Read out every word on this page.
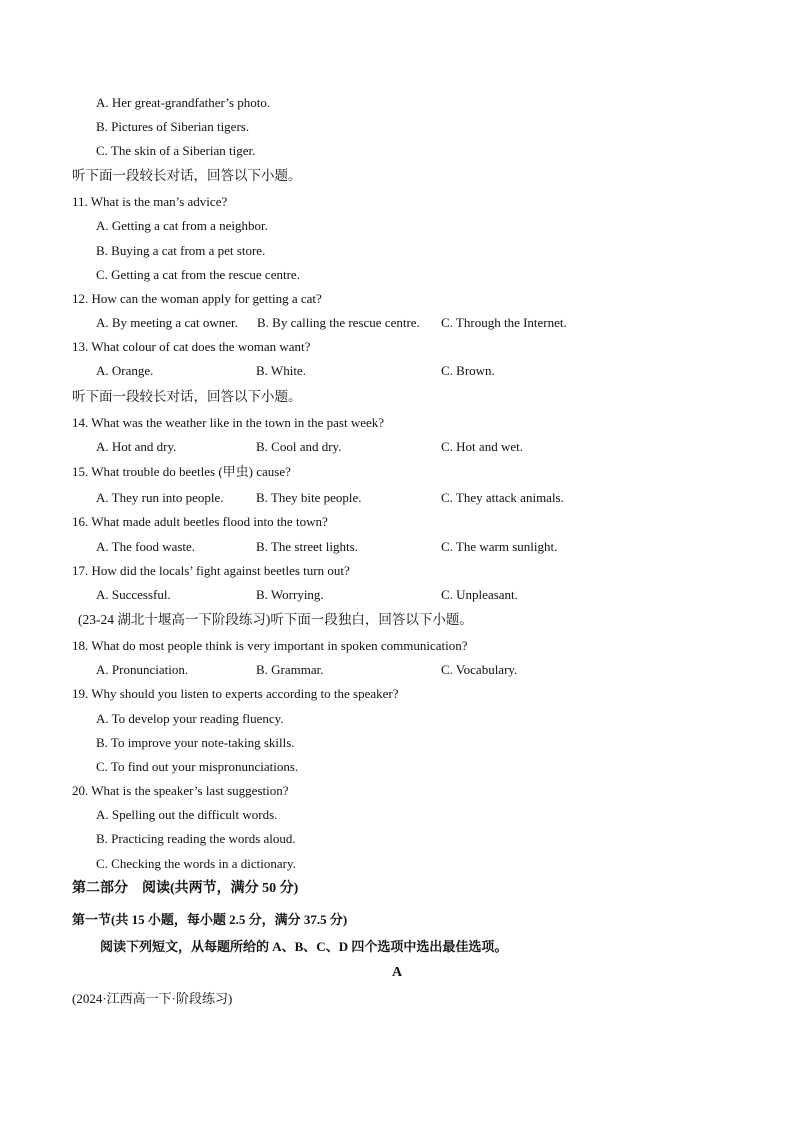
A. Her great-grandfather’s photo.
B. Pictures of Siberian tigers.
C. The skin of a Siberian tiger.
听下面一段较长对话，回答以下小题。
11. What is the man’s advice?
A. Getting a cat from a neighbor.
B. Buying a cat from a pet store.
C. Getting a cat from the rescue centre.
12. How can the woman apply for getting a cat?
A. By meeting a cat owner. B. By calling the rescue centre. C. Through the Internet.
13. What colour of cat does the woman want?
A. Orange.	B. White.	C. Brown.
听下面一段较长对话，回答以下小题。
14. What was the weather like in the town in the past week?
A. Hot and dry.	B. Cool and dry.	C. Hot and wet.
15. What trouble do beetles (甲虫) cause?
A. They run into people. B. They bite people.	C. They attack animals.
16. What made adult beetles flood into the town?
A. The food waste.	B. The street lights.	C. The warm sunlight.
17. How did the locals’ fight against beetles turn out?
A. Successful.	B. Worrying.	C. Unpleasant.
(23-24 湖北十堰高一下阶段练习)听下面一段独白，回答以下小题。
18. What do most people think is very important in spoken communication?
A. Pronunciation.	B. Grammar.	C. Vocabulary.
19. Why should you listen to experts according to the speaker?
A. To develop your reading fluency.
B. To improve your note-taking skills.
C. To find out your mispronunciations.
20. What is the speaker’s last suggestion?
A. Spelling out the difficult words.
B. Practicing reading the words aloud.
C. Checking the words in a dictionary.
第二部分　阅读(共两节，满分 50 分)
第一节(共 15 小题，每小题 2.5 分，满分 37.5 分)
阅读下列短文，从每题所给的 A、B、C、D 四个选项中选出最佳选项。
A
(2024·江西高一下·阶段练习)
